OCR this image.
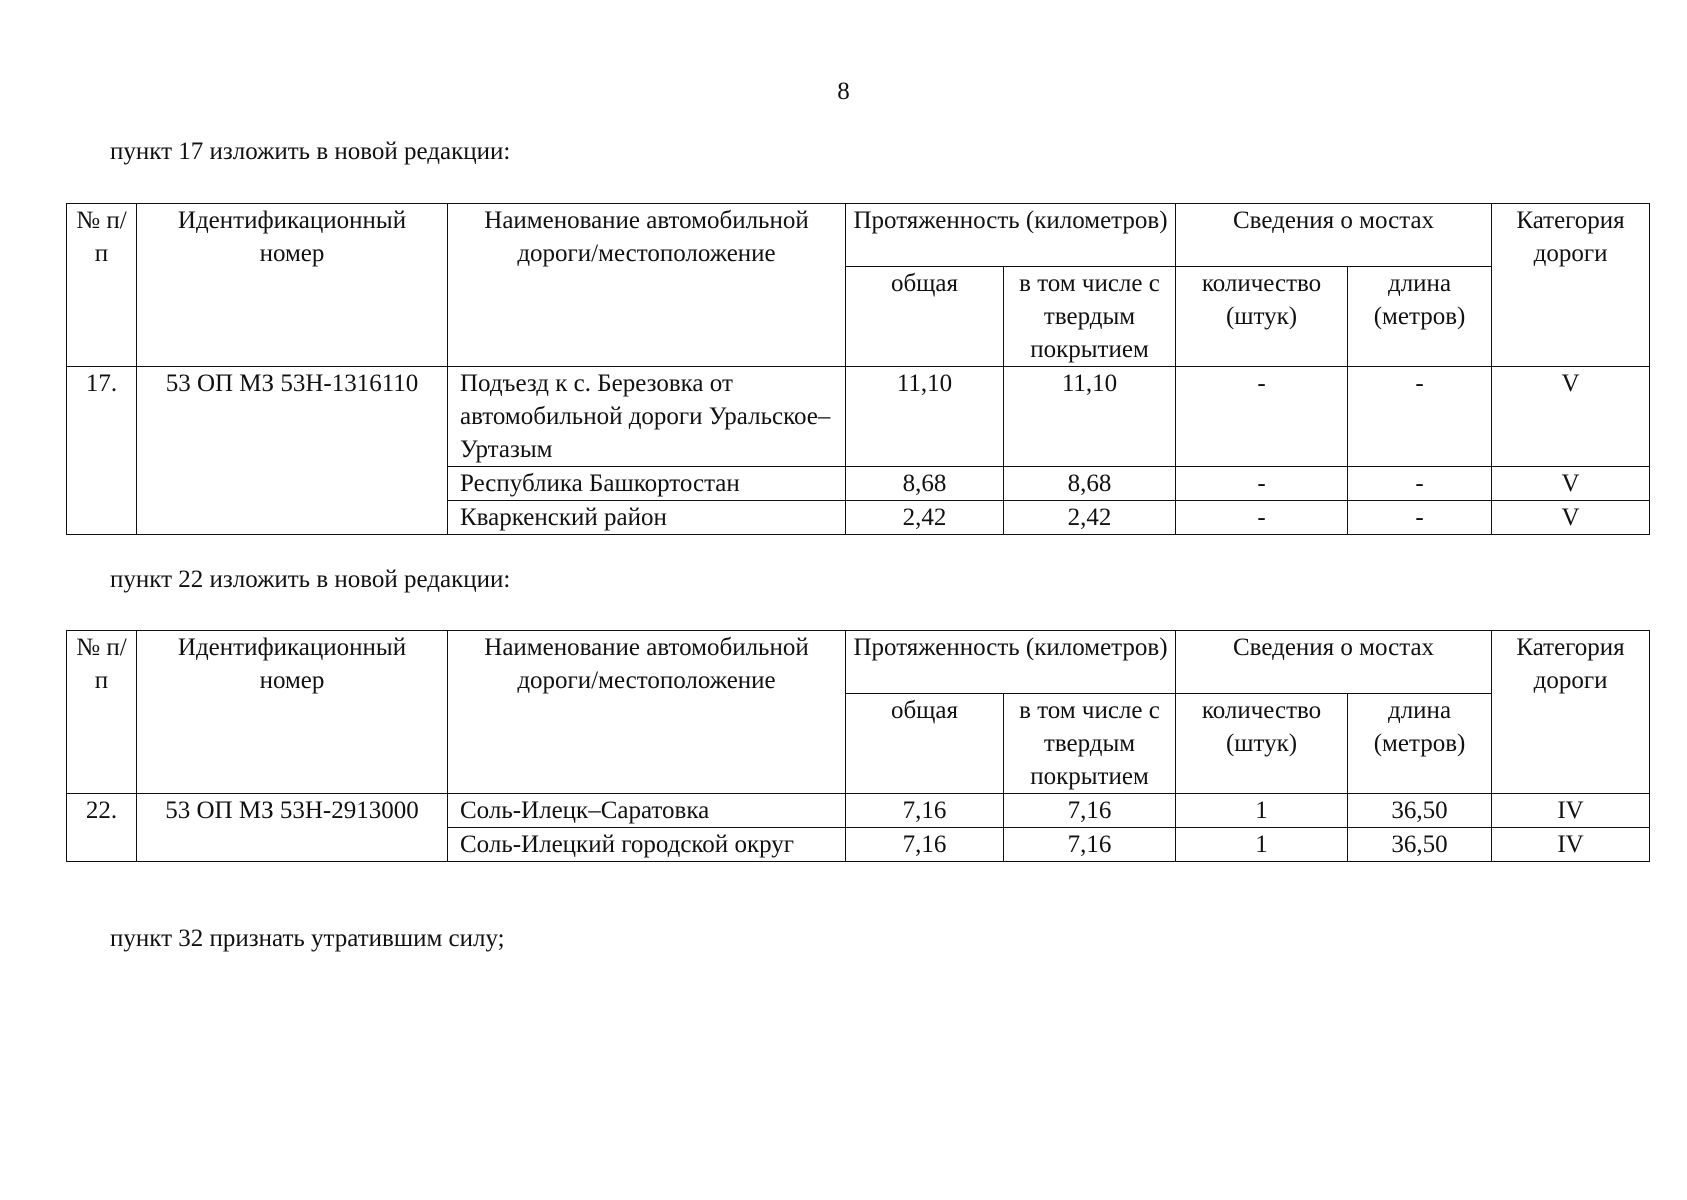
8

пункт 17 изложить в новой редакции:

№ п/п	Идентификационный номер	Наименование автомобильной дороги/местоположение	Протяженность (километров)		Сведения о мостах		Категория дороги
			общая	в том числе с твердым покрытием	количество (штук)	длина (метров)	
17.	53 ОП МЗ 53Н-1316110	Подъезд к с. Березовка от автомобильной дороги Уральское–Уртазым	11,10	11,10	-	-	V
		Республика Башкортостан	8,68	8,68	-	-	V
		Кваркенский район	2,42	2,42	-	-	V

пункт 22 изложить в новой редакции:

№ п/п	Идентификационный номер	Наименование автомобильной дороги/местоположение	Протяженность (километров)		Сведения о мостах		Категория дороги
			общая	в том числе с твердым покрытием	количество (штук)	длина (метров)	
22.	53 ОП МЗ 53Н-2913000	Соль-Илецк–Саратовка	7,16	7,16	1	36,50	IV
		Соль-Илецкий городской округ	7,16	7,16	1	36,50	IV

пункт 32 признать утратившим силу;
